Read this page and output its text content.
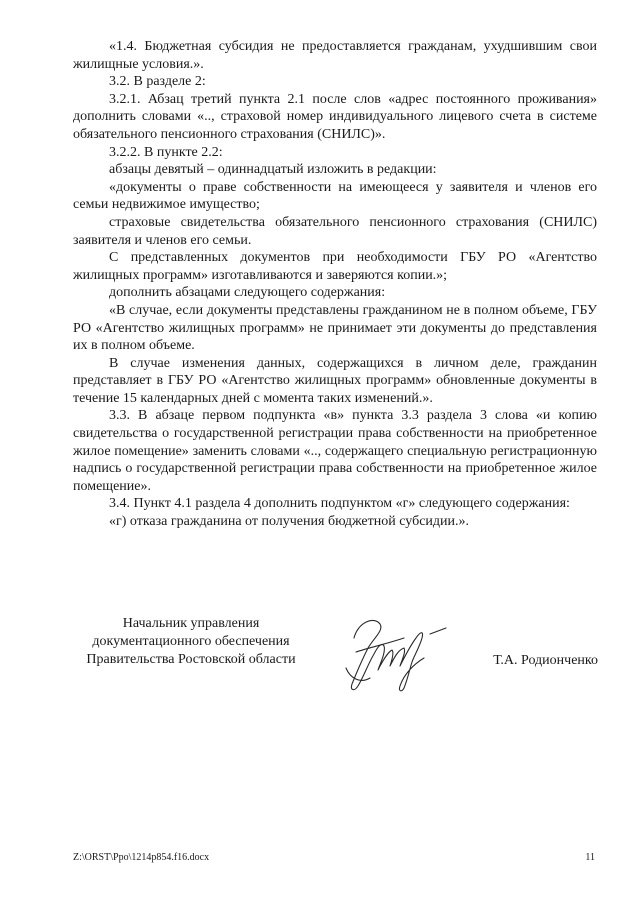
«1.4. Бюджетная субсидия не предоставляется гражданам, ухудшившим свои жилищные условия.».

3.2. В разделе 2:

3.2.1. Абзац третий пункта 2.1 после слов «адрес постоянного проживания» дополнить словами «.., страховой номер индивидуального лицевого счета в системе обязательного пенсионного страхования (СНИЛС)».

3.2.2. В пункте 2.2:

абзацы девятый – одиннадцатый изложить в редакции:

«документы о праве собственности на имеющееся у заявителя и членов его семьи недвижимое имущество;

страховые свидетельства обязательного пенсионного страхования (СНИЛС) заявителя и членов его семьи.

С представленных документов при необходимости ГБУ РО «Агентство жилищных программ» изготавливаются и заверяются копии.»;

дополнить абзацами следующего содержания:

«В случае, если документы представлены гражданином не в полном объеме, ГБУ РО «Агентство жилищных программ» не принимает эти документы до представления их в полном объеме.

В случае изменения данных, содержащихся в личном деле, гражданин представляет в ГБУ РО «Агентство жилищных программ» обновленные документы в течение 15 календарных дней с момента таких изменений.».

3.3. В абзаце первом подпункта «в» пункта 3.3 раздела 3 слова «и копию свидетельства о государственной регистрации права собственности на приобретенное жилое помещение» заменить словами «.., содержащего специальную регистрационную надпись о государственной регистрации права собственности на приобретенное жилое помещение».

3.4. Пункт 4.1 раздела 4 дополнить подпунктом «г» следующего содержания:

«г) отказа гражданина от получения бюджетной субсидии.».

Начальник управления
документационного обеспечения
Правительства Ростовской области	Т.А. Родионченко
Z:\ORST\Ppo\1214p854.f16.docx	11
